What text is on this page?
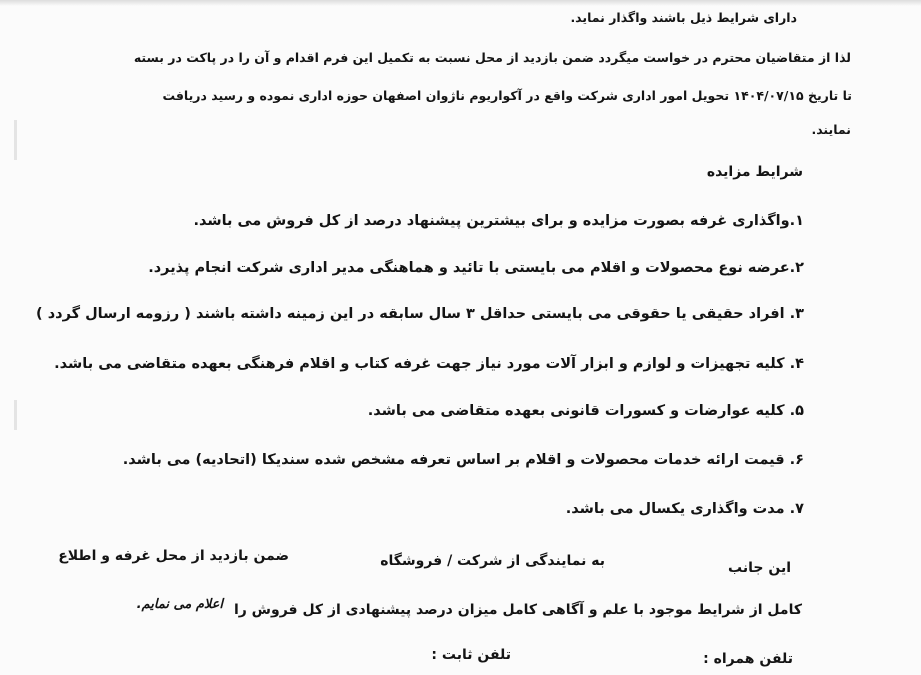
دارای شرایط ذیل باشند واگذار نماید.
لذا از متقاضیان محترم در خواست میگردد ضمن بازدید از محل نسبت به تکمیل این فرم اقدام و آن را در پاکت در بسته
تا تاریخ ۱۴۰۴/۰۷/۱۵ تحویل امور اداری شرکت واقع در آکواریوم ناژوان اصفهان حوزه اداری نموده و رسید دریافت
نمایند.
شرایط مزایده
۱.واگذاری غرفه بصورت مزایده و برای بیشترین پیشنهاد درصد از کل فروش می باشد.
۲.عرضه نوع محصولات و اقلام می بایستی با تائید و هماهنگی مدیر اداری شرکت انجام پذیرد.
۳. افراد حقیقی یا حقوقی می بایستی حداقل ۳ سال سابقه در این زمینه داشته باشند ( رزومه ارسال گردد )
۴. کلیه تجهیزات و لوازم و ابزار آلات مورد نیاز جهت غرفه کتاب و اقلام فرهنگی بعهده متقاضی می باشد.
۵. کلیه عوارضات و کسورات قانونی بعهده متقاضی می باشد.
۶. قیمت ارائه خدمات محصولات و اقلام بر اساس تعرفه مشخص شده سندیکا (اتحادیه) می باشد.
۷. مدت واگذاری یکسال می باشد.
این جانب
به نمایندگی از شرکت / فروشگاه
ضمن بازدید از محل غرفه و اطلاع
کامل از شرایط موجود با علم و آگاهی کامل میزان درصد پیشنهادی از کل فروش را
اعلام می نمایم.
تلفن همراه :
تلفن ثابت :
